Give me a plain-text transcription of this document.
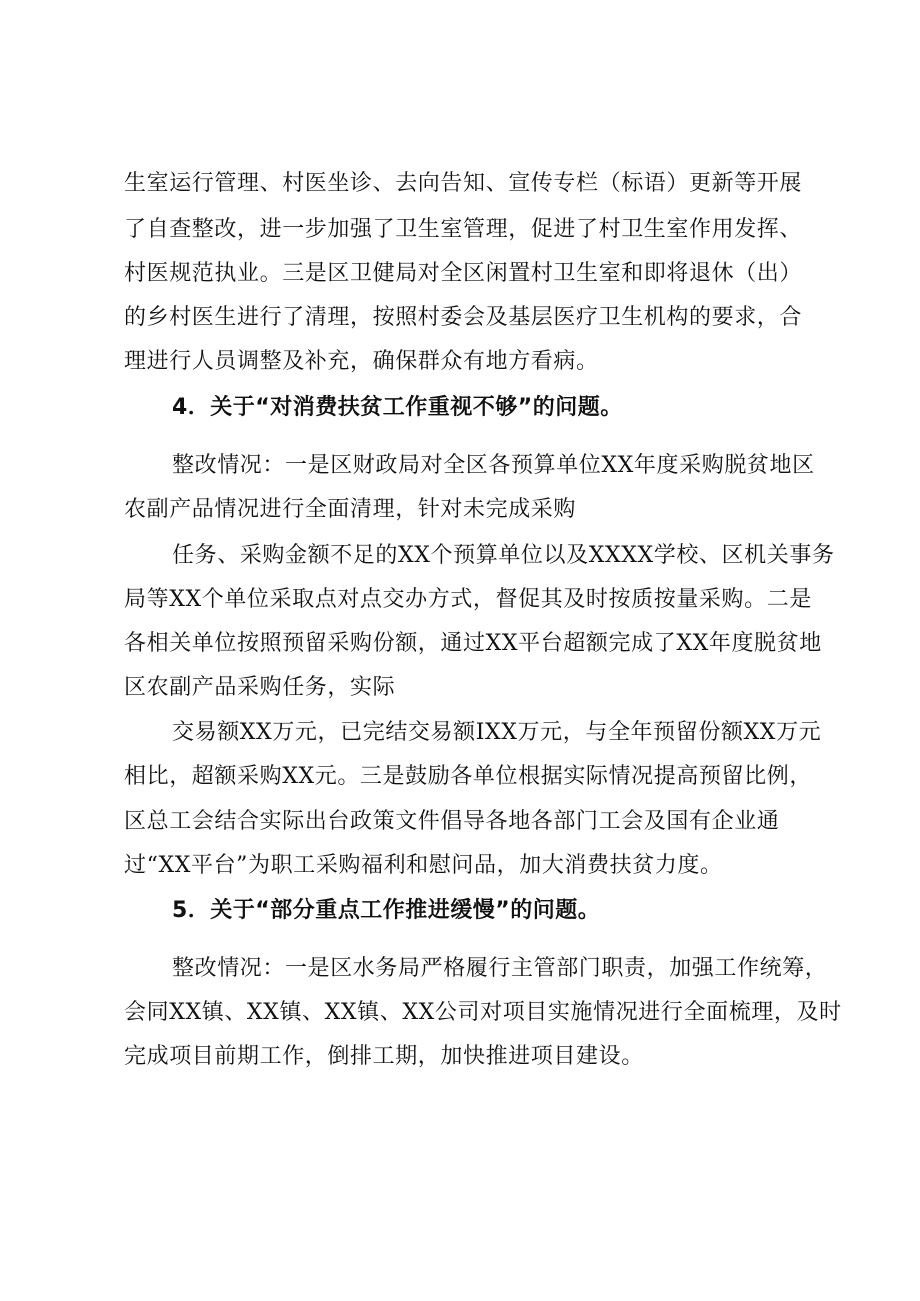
生室运行管理、村医坐诊、去向告知、宣传专栏（标语）更新等开展
了自查整改，进一步加强了卫生室管理，促进了村卫生室作用发挥、
村医规范执业。三是区卫健局对全区闲置村卫生室和即将退休（出）
的乡村医生进行了清理，按照村委会及基层医疗卫生机构的要求，合
理进行人员调整及补充，确保群众有地方看病。
4．关于“对消费扶贫工作重视不够”的问题。
整改情况：一是区财政局对全区各预算单位XX年度采购脱贫地区
农副产品情况进行全面清理，针对未完成采购
任务、采购金额不足的XX个预算单位以及XXXX学校、区机关事务
局等XX个单位采取点对点交办方式，督促其及时按质按量采购。二是
各相关单位按照预留采购份额，通过XX平台超额完成了XX年度脱贫地
区农副产品采购任务，实际
交易额XX万元，已完结交易额IXX万元，与全年预留份额XX万元
相比，超额采购XX元。三是鼓励各单位根据实际情况提高预留比例，
区总工会结合实际出台政策文件倡导各地各部门工会及国有企业通
过“XX平台”为职工采购福利和慰问品，加大消费扶贫力度。
5．关于“部分重点工作推进缓慢”的问题。
整改情况：一是区水务局严格履行主管部门职责，加强工作统筹，
会同XX镇、XX镇、XX镇、XX公司对项目实施情况进行全面梳理，及时
完成项目前期工作，倒排工期，加快推进项目建设。
